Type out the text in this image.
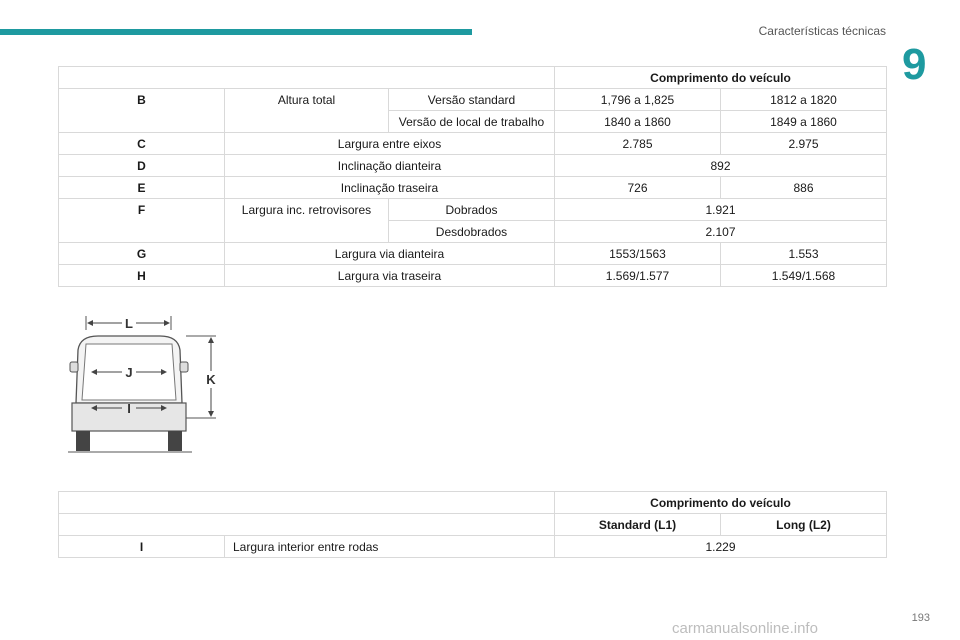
Características técnicas
9
			Comprimento do veículo	
B	Altura total	Versão standard	1,796 a 1,825	1812 a 1820
		Versão de local de trabalho	1840 a 1860	1849 a 1860
C	Largura entre eixos		2.785	2.975
D	Inclinação dianteira		892	
E	Inclinação traseira		726	886
F	Largura inc. retrovisores	Dobrados	1.921	
		Desdobrados	2.107	
G	Largura via dianteira		1553/1563	1.553
H	Largura via traseira		1.569/1.577	1.549/1.568
L
J
I
K
		Comprimento do veículo	
		Standard (L1)	Long (L2)
I	Largura interior entre rodas	1.229	
193
carmanualsonline.info
